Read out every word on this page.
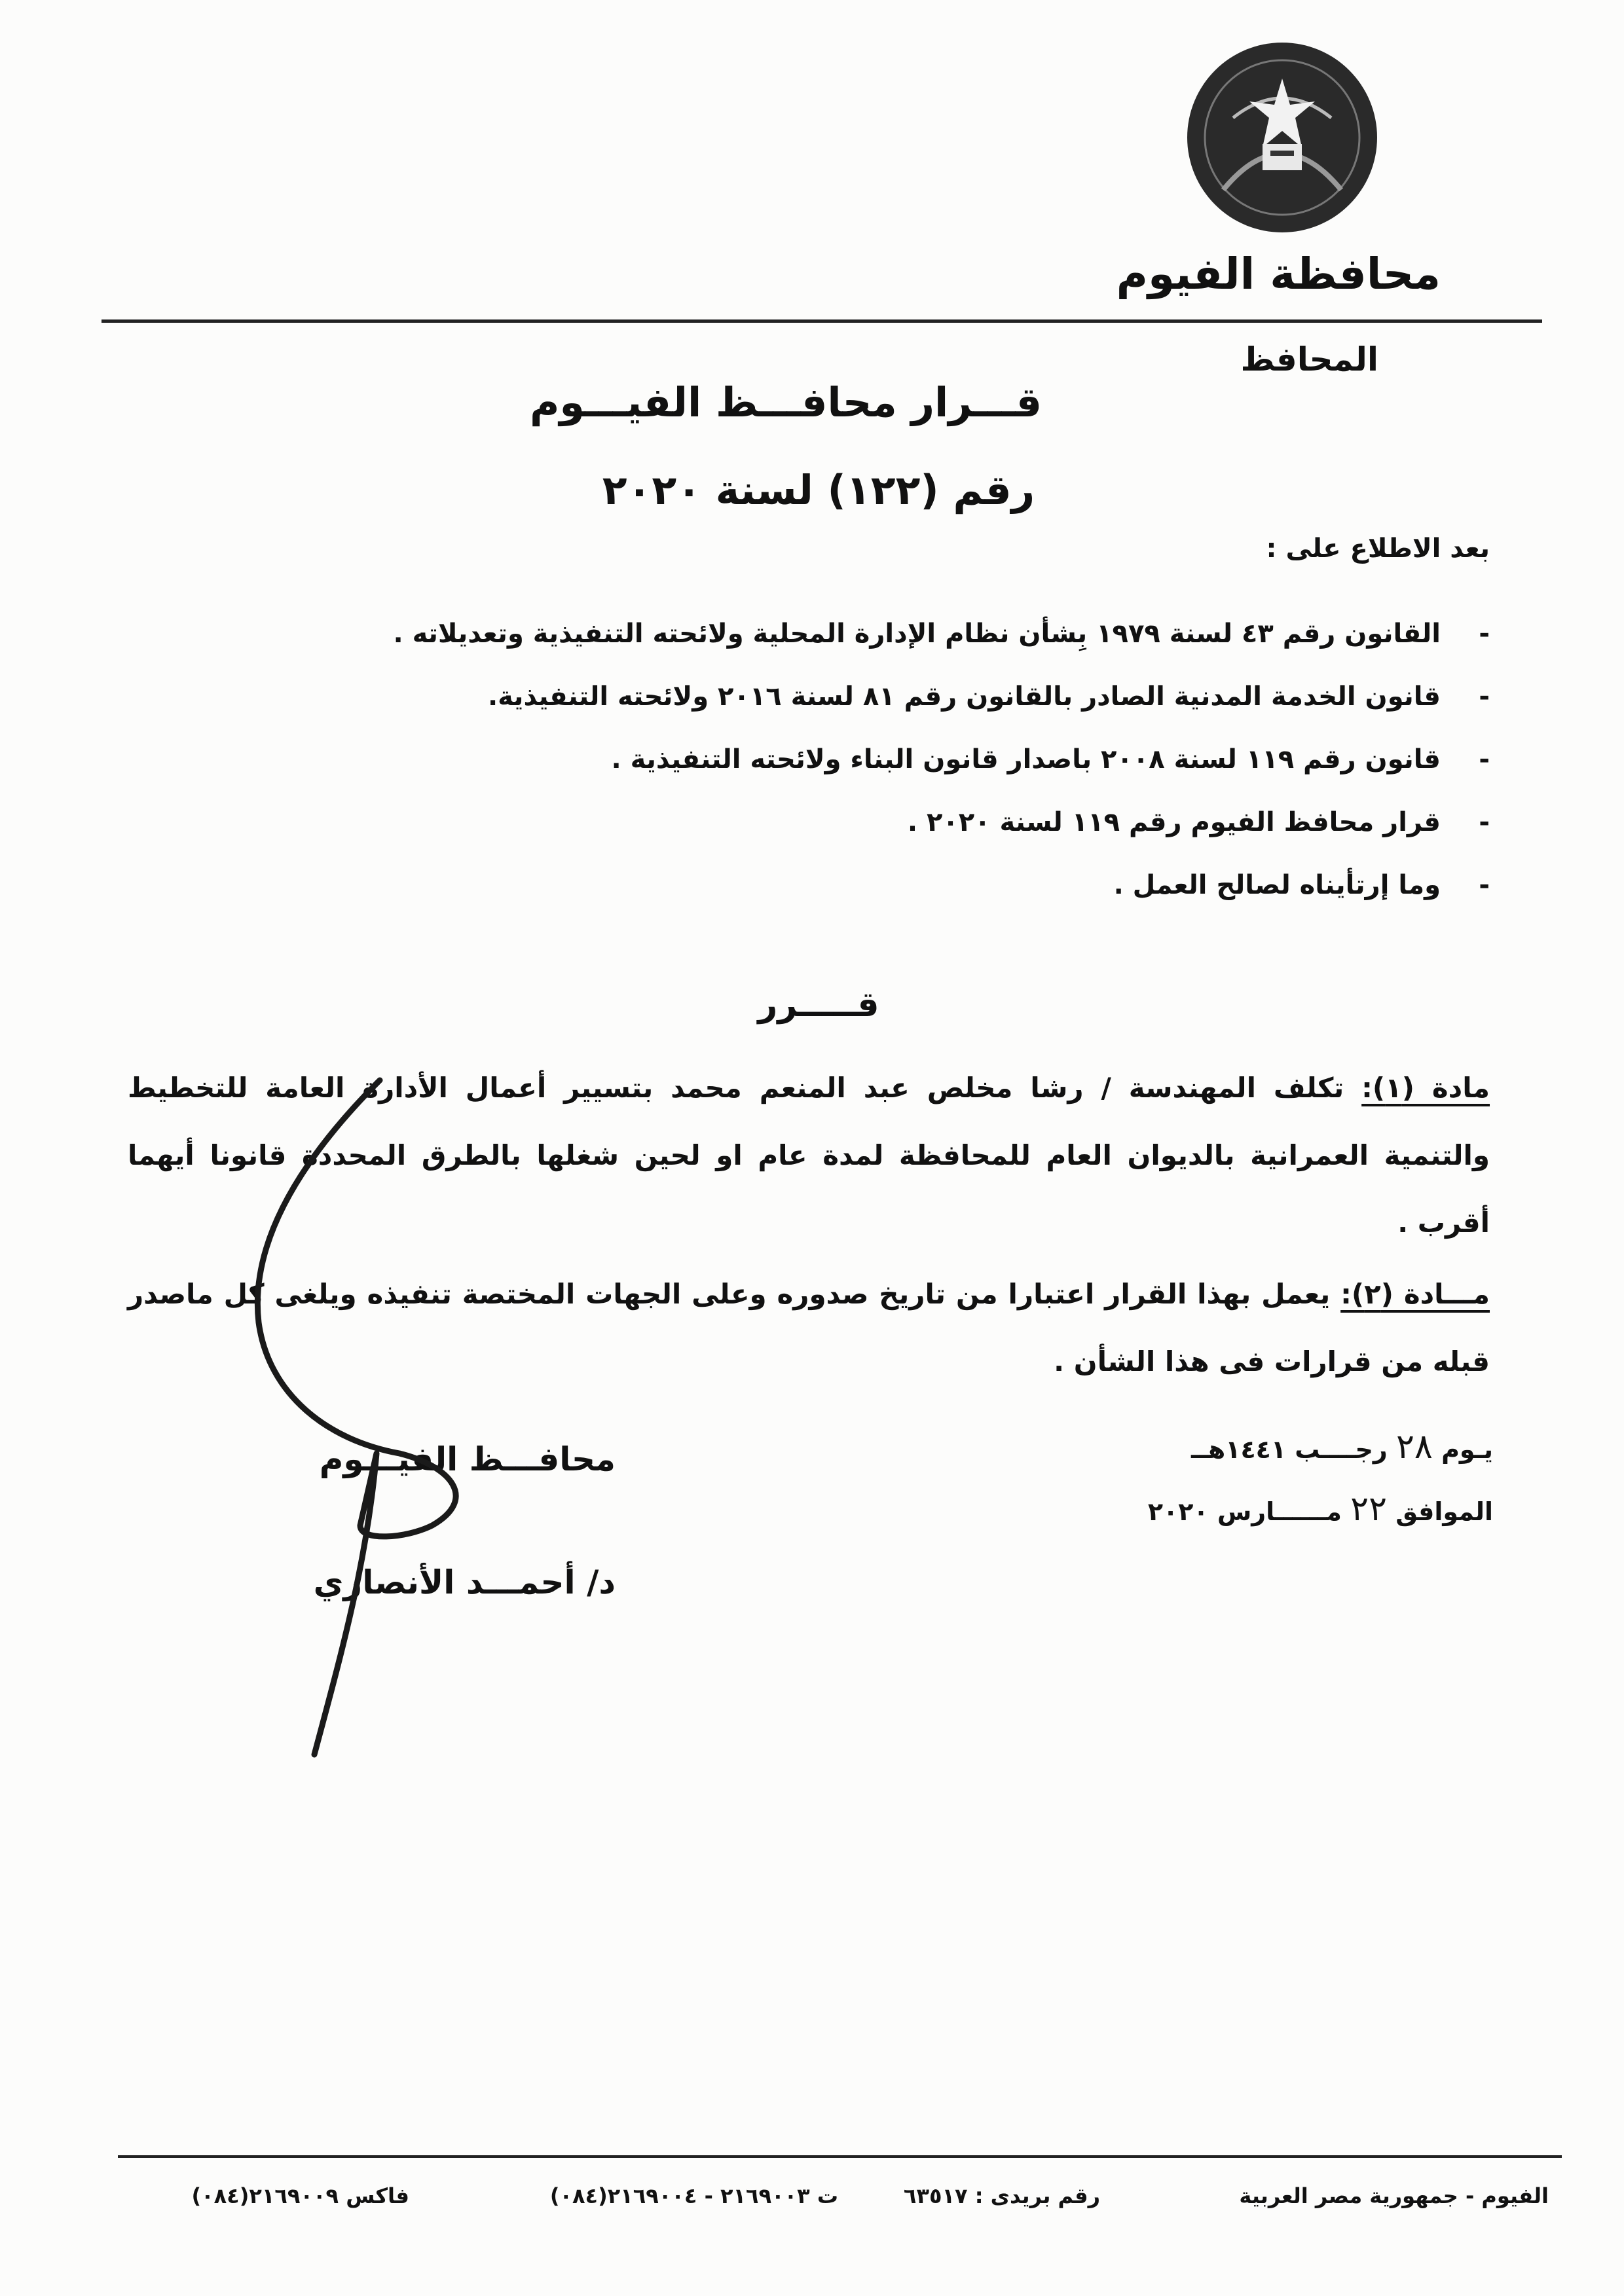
محافظة الفيوم
المحافظ
قـــرار محافـــظ الفيـــوم
رقم (١٢٢) لسنة ٢٠٢٠
بعد الاطلاع على :
-
القانون رقم ٤٣ لسنة ١٩٧٩ بِشأن نظام الإدارة المحلية ولائحته التنفيذية وتعديلاته .
-
قانون الخدمة المدنية الصادر بالقانون رقم ٨١ لسنة ٢٠١٦ ولائحته التنفيذية.
-
قانون رقم ١١٩ لسنة ٢٠٠٨ باصدار قانون البناء ولائحته التنفيذية .
-
قرار محافظ الفيوم رقم ١١٩ لسنة ٢٠٢٠ .
-
وما إرتأيناه لصالح العمل .
قـــــرر
مادة (١): تكلف المهندسة / رشا مخلص عبد المنعم محمد بتسيير أعمال الأدارة العامة للتخطيط والتنمية العمرانية بالديوان العام للمحافظة لمدة عام او لحين شغلها بالطرق المحددة قانونا أيهما أقرب .
مـــادة (٢): يعمل بهذا القرار اعتبارا من تاريخ صدوره وعلى الجهات المختصة تنفيذه ويلغى كل ماصدر قبله من قرارات فى هذا الشأن .
يـوم ٢٨ رجــــب ١٤٤١هــ
الموافق ٢٢ مــــــارس ٢٠٢٠
محافـــظ الفيـــوم
د/ أحمـــد الأنصاري
الفيوم - جمهورية مصر العربية
رقم بريدى : ٦٣٥١٧
ت ٢١٦٩٠٠٣ - ٢١٦٩٠٠٤(٠٨٤)
فاكس ٢١٦٩٠٠٩(٠٨٤)
